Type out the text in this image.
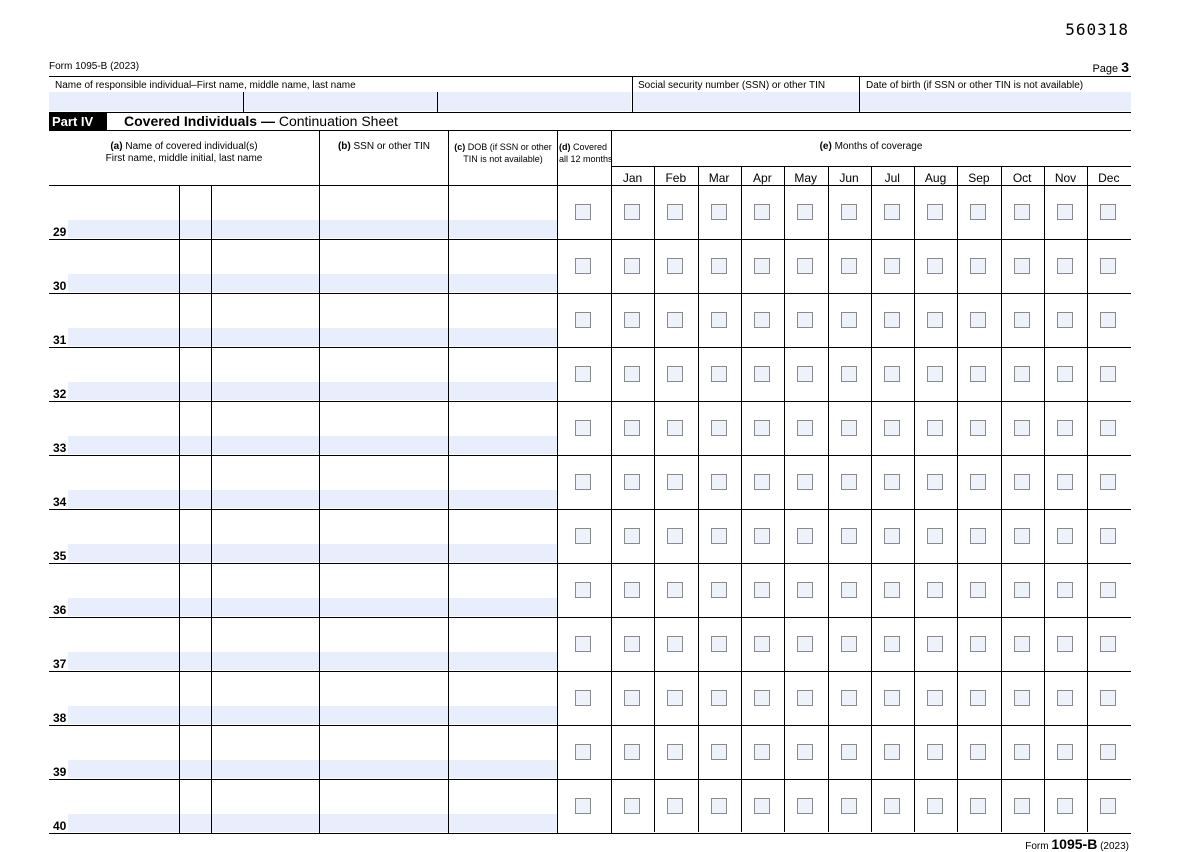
560318
Form 1095-B (2023)	Page 3
Name of responsible individual–First name, middle name, last name	Social security number (SSN) or other TIN	Date of birth (if SSN or other TIN is not available)
Part IV	Covered Individuals — Continuation Sheet
(a) Name of covered individual(s)
First name, middle initial, last name
(b) SSN or other TIN	(c) DOB (if SSN or other
TIN is not available)
(d) Covered
all 12 months
(e) Months of coverage
Jan	Feb	Mar	Apr	May	Jun	Jul	Aug	Sep	Oct	Nov	Dec
29
30
31
32
33
34
35
36
37
38
39
40
Form 1095-B (2023)
